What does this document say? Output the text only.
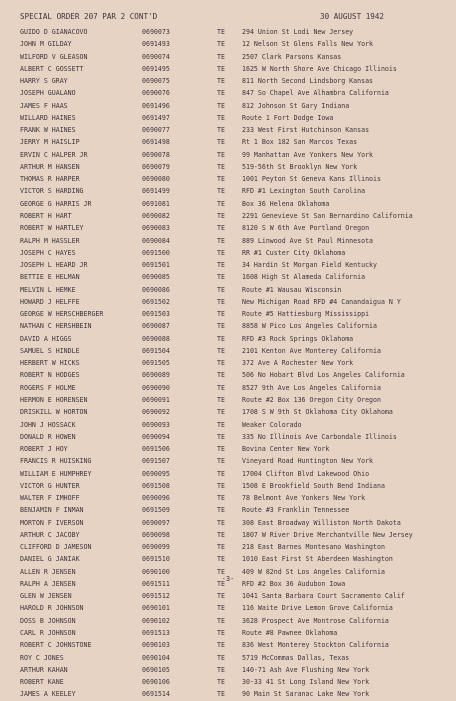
SPECIAL ORDER 207 PAR 2 CONT'D	30 AUGUST 1942
GUIDO D GIANACOVO	0690073	TE	294 Union St Lodi New Jersey
JOHN M GILDAY	0691493	TE	12 Nelson St Glens Falls New York
WILFORD V GLEASON	0690074	TE	2507 Clark Parsons Kansas
ALBERT C GOSSETT	0691495	TE	1625 W North Shore Ave Chicago Illinois
HARRY S GRAY	0690075	TE	811 North Second Lindsborg Kansas
JOSEPH GUALANO	0690076	TE	847 So Chapel Ave Alhambra California
JAMES F HAAS	0691496	TE	812 Johnson St Gary Indiana
WILLARD HAINES	0691497	TE	Route 1 Fort Dodge Iowa
FRANK W HAINES	0690077	TE	233 West First Hutchinson Kansas
JERRY M HAISLIP	0691498	TE	Rt 1 Box 182 San Marcos Texas
ERVIN C HALPER JR	0690078	TE	99 Manhattan Ave Yonkers New York
ARTHUR M HANSEN	0690079	TE	519-56th St Brooklyn New York
THOMAS R HARPER	0690080	TE	1001 Peyton St Geneva Kans Illinois
VICTOR S HARDING	0691499	TE	RFD #1 Lexington South Carolina
GEORGE G HARRIS JR	0691081	TE	Box 36 Helena Oklahoma
ROBERT H HART	0690082	TE	2291 Genevieve St San Bernardino California
ROBERT W HARTLEY	0690083	TE	8120 S W 6th Ave Portland Oregon
RALPH M HASSLER	0690084	TE	889 Linwood Ave St Paul Minnesota
JOSEPH C HAYES	0691500	TE	RR #1 Custer City Oklahoma
JOSEPH L HEARD JR	0691501	TE	34 Hardin St Morgan Field Kentucky
BETTIE E HELMAN	0690085	TE	1608 High St Alameda California
MELVIN L HEMKE	0690086	TE	Route #1 Wausau Wisconsin
HOWARD J HELFFE	0691502	TE	New Michigan Road RFD #4 Canandaigua N Y
GEORGE W HERSCHBERGER	0691503	TE	Route #5 Hattiesburg Mississippi
NATHAN C HERSHBEIN	0690087	TE	8858 W Pico Los Angeles California
DAVID A HIGGS	0690088	TE	RFD #3 Rock Springs Oklahoma
SAMUEL S HINDLE	0691504	TE	2101 Kenton Ave Monterey California
HERBERT W HICKS	0691505	TE	372 Ave A Rochester New York
ROBERT N HODGES	0690089	TE	506 No Hobart Blvd Los Angeles California
ROGERS F HOLME	0690090	TE	8527 9th Ave Los Angeles California
HERMON E HORENSEN	0690091	TE	Route #2 Box 136 Oregon City Oregon
DRISKILL W HORTON	0690092	TE	1708 S W 9th St Oklahoma City Oklahoma
JOHN J HOSSACK	0690093	TE	Weaker Colorado
DONALD R HOWEN	0690094	TE	335 No Illinois Ave Carbondale Illinois
ROBERT J HOY	0691506	TE	Bovina Center New York
FRANCIS R HUISKING	0691507	TE	Vineyard Road Huntington New York
WILLIAM E HUMPHREY	0690095	TE	17004 Clifton Blvd Lakewood Ohio
VICTOR G HUNTER	0691508	TE	1508 E Brookfield South Bend Indiana
WALTER F IMHOFF	0690096	TE	78 Belmont Ave Yonkers New York
BENJAMIN F INMAN	0691509	TE	Route #3 Franklin Tennessee
MORTON F IVERSON	0690097	TE	308 East Broadway Williston North Dakota
ARTHUR C JACOBY	0690098	TE	1807 W River Drive Merchantville New Jersey
CLIFFORD D JAMESON	0690099	TE	218 East Barnes Montesano Washington
DANIEL G JANIAK	0691510	TE	1010 East First St Aberdeen Washington
ALLEN R JENSEN	0690100	TE	409 W 82nd St Los Angeles California
RALPH A JENSEN	0691511	TE	RFD #2 Box 36 Audubon Iowa
GLEN W JENSEN	0691512	TE	1041 Santa Barbara Court Sacramento Calif
HAROLD R JOHNSON	0690101	TE	116 Waite Drive Lemon Grove California
DOSS B JOHNSON	0690102	TE	3628 Prospect Ave Montrose California
CARL R JOHNSON	0691513	TE	Route #8 Pawnee Oklahoma
ROBERT C JOHNSTONE	0690103	TE	836 West Monterey Stockton California
ROY C JONES	0690104	TE	5719 McCommas Dallas, Texas
ARTHUR KAHAN	0690105	TE	140-71 Ash Ave Flushing New York
ROBERT KANE	0690106	TE	30-33 41 St Long Island New York
JAMES A KEELEY	0691514	TE	90 Main St Saranac Lake New York
-3-
